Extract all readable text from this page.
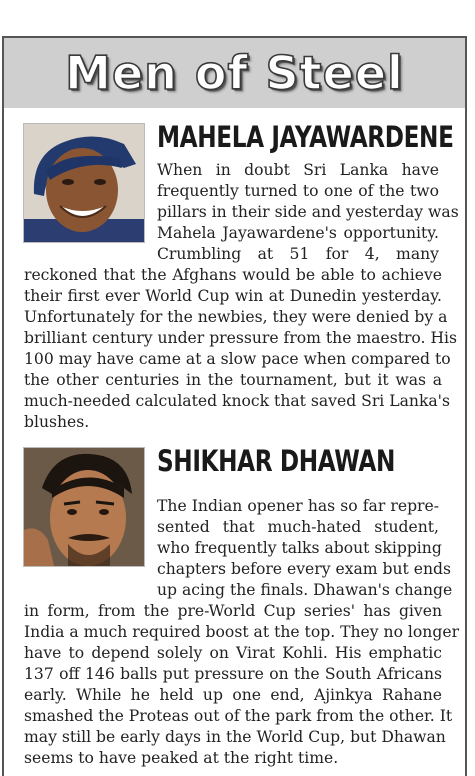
Men of Steel
MAHELA JAYAWARDENE
When in doubt Sri Lanka have
frequently turned to one of the two
pillars in their side and yesterday was
Mahela Jayawardene's opportunity.
Crumbling at 51 for 4, many
reckoned that the Afghans would be able to achieve
their first ever World Cup win at Dunedin yesterday.
Unfortunately for the newbies, they were denied by a
brilliant century under pressure from the maestro. His
100 may have came at a slow pace when compared to
the other centuries in the tournament, but it was a
much-needed calculated knock that saved Sri Lanka's
blushes.
SHIKHAR DHAWAN
The Indian opener has so far repre-
sented that much-hated student,
who frequently talks about skipping
chapters before every exam but ends
up acing the finals. Dhawan's change
in form, from the pre-World Cup series' has given
India a much required boost at the top. They no longer
have to depend solely on Virat Kohli. His emphatic
137 off 146 balls put pressure on the South Africans
early. While he held up one end, Ajinkya Rahane
smashed the Proteas out of the park from the other. It
may still be early days in the World Cup, but Dhawan
seems to have peaked at the right time.
